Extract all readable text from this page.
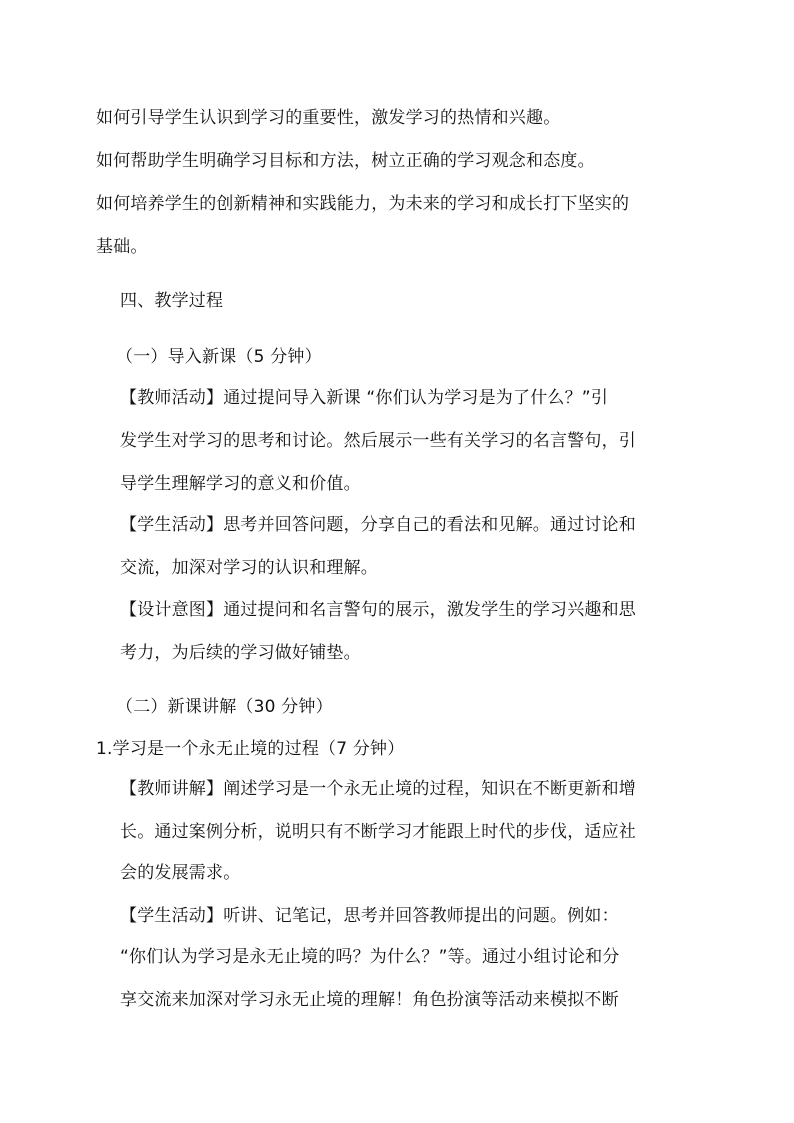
如何引导学生认识到学习的重要性，激发学习的热情和兴趣。
如何帮助学生明确学习目标和方法，树立正确的学习观念和态度。
如何培养学生的创新精神和实践能力，为未来的学习和成长打下坚实的
基础。
四、教学过程
（一）导入新课（5 分钟）
【教师活动】通过提问导入新课 “你们认为学习是为了什么？”引
发学生对学习的思考和讨论。然后展示一些有关学习的名言警句，引
导学生理解学习的意义和价值。
【学生活动】思考并回答问题，分享自己的看法和见解。通过讨论和
交流，加深对学习的认识和理解。
【设计意图】通过提问和名言警句的展示，激发学生的学习兴趣和思
考力，为后续的学习做好铺垫。
（二）新课讲解（30 分钟）
1.学习是一个永无止境的过程（7 分钟）
【教师讲解】阐述学习是一个永无止境的过程，知识在不断更新和增
长。通过案例分析，说明只有不断学习才能跟上时代的步伐，适应社
会的发展需求。
【学生活动】听讲、记笔记，思考并回答教师提出的问题。例如：
“你们认为学习是永无止境的吗？为什么？”等。通过小组讨论和分
享交流来加深对学习永无止境的理解！角色扮演等活动来模拟不断
